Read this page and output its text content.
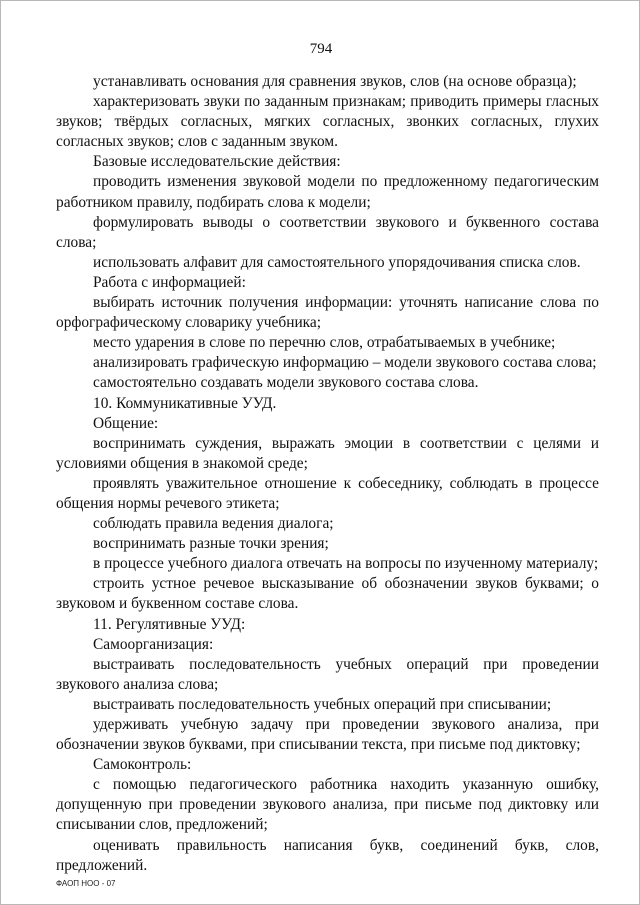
794

устанавливать основания для сравнения звуков, слов (на основе образца);

характеризовать звуки по заданным признакам; приводить примеры гласных звуков; твёрдых согласных, мягких согласных, звонких согласных, глухих согласных звуков; слов с заданным звуком.

Базовые исследовательские действия:

проводить изменения звуковой модели по предложенному педагогическим работником правилу, подбирать слова к модели;

формулировать выводы о соответствии звукового и буквенного состава слова;

использовать алфавит для самостоятельного упорядочивания списка слов.

Работа с информацией:

выбирать источник получения информации: уточнять написание слова по орфографическому словарику учебника;

место ударения в слове по перечню слов, отрабатываемых в учебнике;

анализировать графическую информацию – модели звукового состава слова;

самостоятельно создавать модели звукового состава слова.

10. Коммуникативные УУД.

Общение:

воспринимать суждения, выражать эмоции в соответствии с целями и условиями общения в знакомой среде;

проявлять уважительное отношение к собеседнику, соблюдать в процессе общения нормы речевого этикета;

соблюдать правила ведения диалога;

воспринимать разные точки зрения;

в процессе учебного диалога отвечать на вопросы по изученному материалу;

строить устное речевое высказывание об обозначении звуков буквами; о звуковом и буквенном составе слова.

11. Регулятивные УУД:

Самоорганизация:

выстраивать последовательность учебных операций при проведении звукового анализа слова;

выстраивать последовательность учебных операций при списывании;

удерживать учебную задачу при проведении звукового анализа, при обозначении звуков буквами, при списывании текста, при письме под диктовку;

Самоконтроль:

с помощью педагогического работника находить указанную ошибку, допущенную при проведении звукового анализа, при письме под диктовку или списывании слов, предложений;

оценивать правильность написания букв, соединений букв, слов, предложений.

ФАОП НОО - 07
